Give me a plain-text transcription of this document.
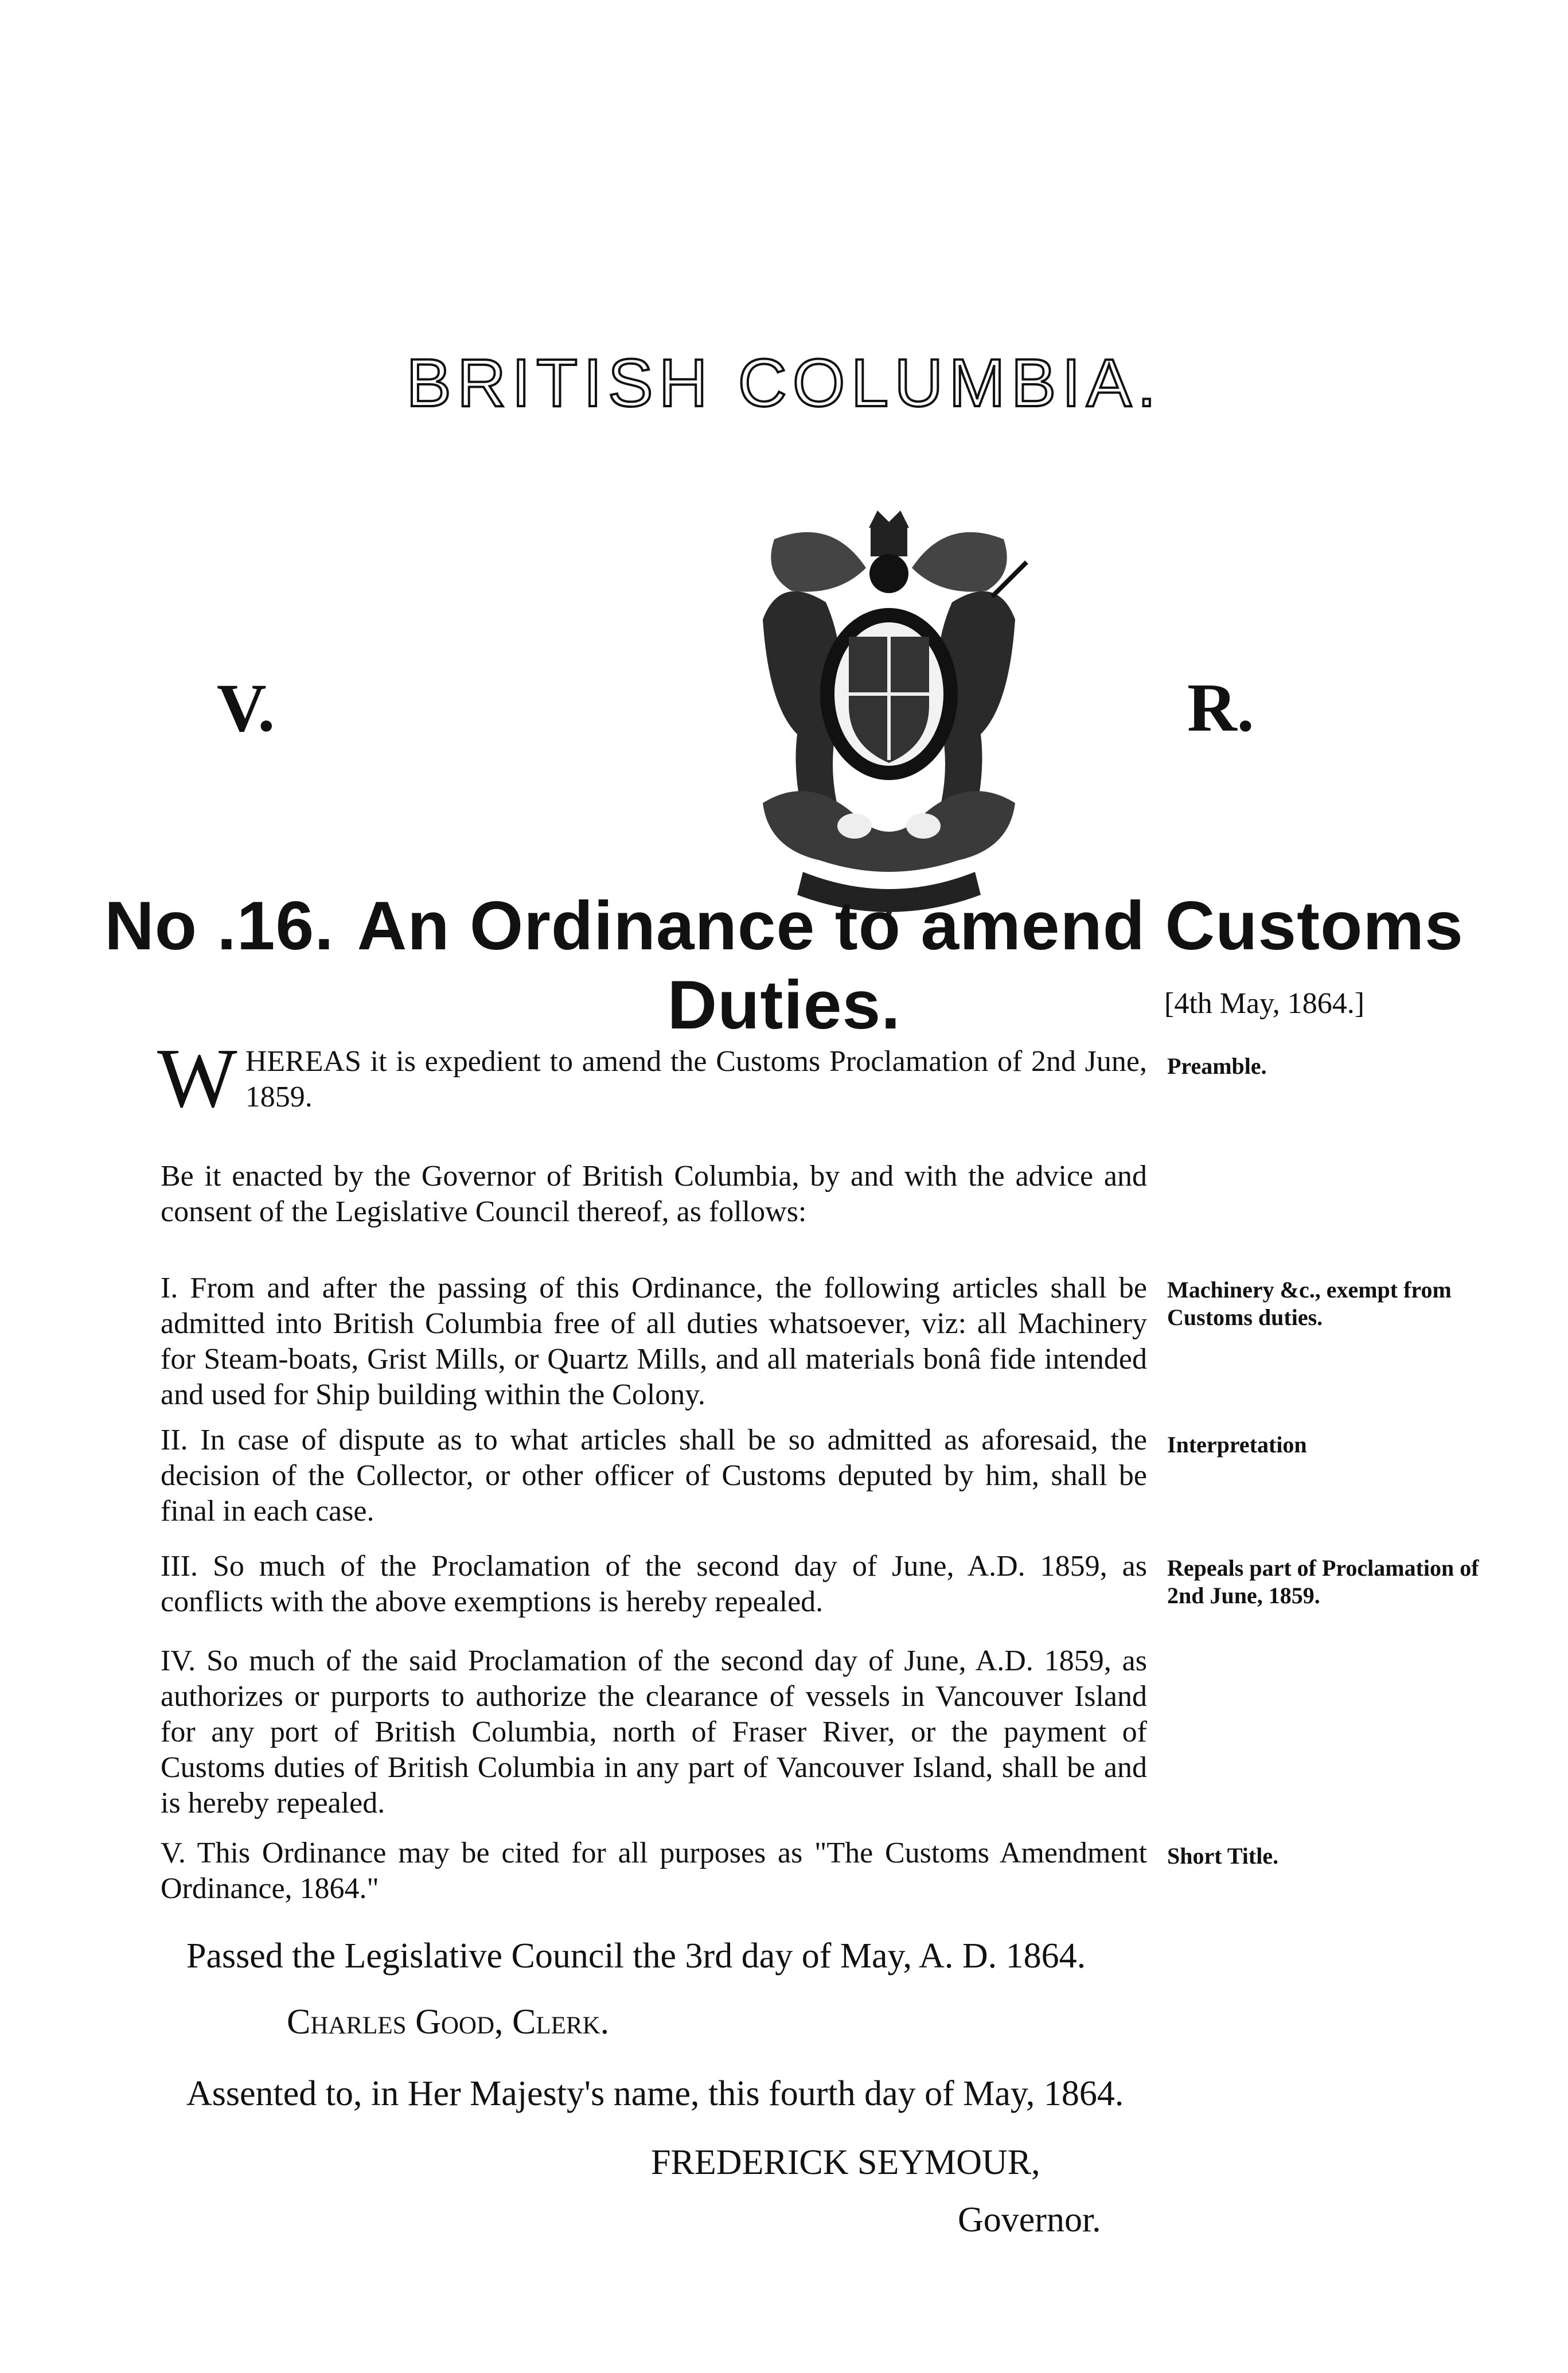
BRITISH COLUMBIA.
V.	R.
No .16. An Ordinance to amend Customs Duties.	[4th May, 1864.]
WHEREAS it is expedient to amend the Customs Proclamation of 2nd June, 1859.
Preamble.
Be it enacted by the Governor of British Columbia, by and with the advice and consent of the Legislative Council thereof, as follows:
I. From and after the passing of this Ordinance, the following articles shall be admitted into British Columbia free of all duties whatsoever, viz: all Machinery for Steam-boats, Grist Mills, or Quartz Mills, and all materials bonâ fide intended and used for Ship building within the Colony.
Machinery &c., exempt from Customs duties.
II. In case of dispute as to what articles shall be so admitted as aforesaid, the decision of the Collector, or other officer of Customs deputed by him, shall be final in each case.
Interpretation
III. So much of the Proclamation of the second day of June, A.D. 1859, as conflicts with the above exemptions is hereby repealed.
Repeals part of Proclamation of 2nd June, 1859.
IV. So much of the said Proclamation of the second day of June, A.D. 1859, as authorizes or purports to authorize the clearance of vessels in Vancouver Island for any port of British Columbia, north of Fraser River, or the payment of Customs duties of British Columbia in any part of Vancouver Island, shall be and is hereby repealed.
V. This Ordinance may be cited for all purposes as "The Customs Amendment Ordinance, 1864."
Short Title.
Passed the Legislative Council the 3rd day of May, A. D. 1864.
Charles Good, Clerk.
Assented to, in Her Majesty's name, this fourth day of May, 1864.
FREDERICK SEYMOUR,
Governor.
